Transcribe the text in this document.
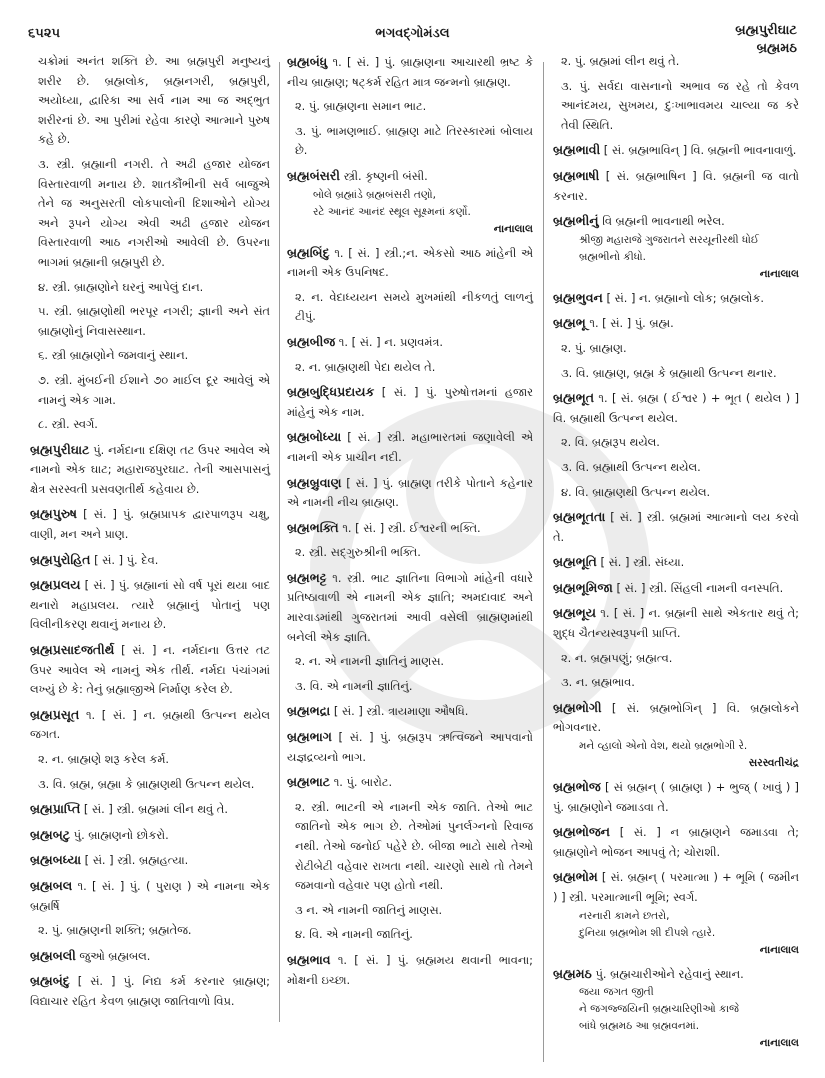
૬૫૨૫	ભગવદ્ગોમંડલ	બ્રહ્મપુરીઘાટ
બ્રહ્મમઠ
ચક્રોમાં અનંત શક્તિ છે. આ બ્રહ્મપુરી મનુષ્યનું શરીર છે. બ્રહ્મલોક, બ્રહ્મનગરી, બ્રહ્મપુરી, અયોધ્યા, દ્વારિકા આ સર્વ નામ આ જ અદ્ભુત શરીરનાં છે. આ પુરીમાં રહેવા કારણે આત્માને પુરુષ કહે છે.
૩. સ્ત્રી. બ્રહ્માની નગરી. તે અઢી હજાર યોજન વિસ્તારવાળી મનાય છે. શાતકૌંભીની સર્વ બાજુએ તેને જ અનુસરતી લોકપાલોની દિશાઓને યોગ્ય અને રૂપને યોગ્ય એવી અઢી હજાર યોજન વિસ્તારવાળી આઠ નગરીઓ આવેલી છે. ઉપરના ભાગમાં બ્રહ્માની બ્રહ્મપુરી છે.
૪. સ્ત્રી. બ્રાહ્મણોને ઘરનું આપેલું દાન.
૫. સ્ત્રી. બ્રાહ્મણોથી ભરપૂર નગરી; જ્ઞાની અને સંત બ્રાહ્મણોનું નિવાસસ્થાન.
૬. સ્ત્રી બ્રાહ્મણોને જમવાનું સ્થાન.
૭. સ્ત્રી. મુંબઈની ઈશાને ૭૦ માઈલ દૂર આવેલું એ નામનું એક ગામ.
૮. સ્ત્રી. સ્વર્ગ.
બ્રહ્મપુરીઘાટ પું. નર્મદાના દક્ષિણ તટ ઉપર આવેલ એ નામનો એક ઘાટ; મહારાજપુરઘાટ. તેની આસપાસનું ક્ષેત્ર સરસ્વતી પ્રસવણતીર્થ કહેવાય છે.
બ્રહ્મપુરુષ [ સં. ] પું. બ્રહ્મપ્રાપક દ્વારપાળરૂપ ચક્ષુ, વાણી, મન અને પ્રાણ.
બ્રહ્મપુરોહિત [ સં. ] પું. દેવ.
બ્રહ્મપ્રલય [ સં. ] પું. બ્રહ્માનાં સો વર્ષ પૂરાં થયા બાદ થનારો મહાપ્રલય. ત્યારે બ્રહ્માનું પોતાનું પણ વિલીનીકરણ થવાનું મનાય છે.
બ્રહ્મપ્રસાદજતીર્થ [ સં. ] ન. નર્મદાના ઉત્તર તટ ઉપર આવેલ એ નામનું એક તીર્થ. નર્મદા પંચાંગમાં લખ્યું છે કે: તેનું બ્રહ્માજીએ નિર્માણ કરેલ છે.
બ્રહ્મપ્રસૂત ૧. [ સં. ] ન. બ્રહ્મથી ઉત્પન્ન થયેલ જગત.
૨. ન. બ્રાહ્મણે શરૂ કરેલ કર્મ.
૩. વિ. બ્રહ્મ, બ્રહ્મા કે બ્રાહ્મણથી ઉત્પન્ન થયેલ.
બ્રહ્મપ્રાપ્તિ [ સં. ] સ્ત્રી. બ્રહ્મમાં લીન થવું તે.
બ્રહ્મબટુ પું. બ્રાહ્મણનો છોકરો.
બ્રહ્મબધ્યા [ સં. ] સ્ત્રી. બ્રહ્મહત્યા.
બ્રહ્મબલ ૧. [ સં. ] પું. ( પુરાણ ) એ નામના એક બ્રહ્મર્ષિ
૨. પું. બ્રાહ્મણની શક્તિ; બ્રહ્મતેજ.
બ્રહ્મબલી જુઓ બ્રહ્મબલ.
બ્રહ્મબંદુ [ સં. ] પું. નિદ્ય કર્મ કરનાર બ્રાહ્મણ; વિદ્યાચાર રહિત કેવળ બ્રાહ્મણ જાતિવાળો વિપ્ર.
બ્રહ્મબંધુ ૧. [ સં. ] પું. બ્રાહ્મણના આચારથી ભ્રષ્ટ કે નીચ બ્રાહ્મણ; ષટ્કર્મ રહિત માત્ર જન્મનો બ્રાહ્મણ.
૨. પું. બ્રાહ્મણના સમાન ભાટ.
૩. પું. ભામણભાઈ. બ્રાહ્મણ માટે તિરસ્કારમાં બોલાય છે.
બ્રહ્મબંસરી સ્ત્રી. કૃષ્ણની બંસી.
બોલે બ્રહ્માંડે બ્રહ્મબંસરી તણો,
રટે આનંદ આનંદ સ્થૂલ સૂક્ષ્મનાં કર્ણો.
નાનાલાલ
બ્રહ્મબિંદુ ૧. [ સં. ] સ્ત્રી.;ન. એકસો આઠ માંહેની એ નામની એક ઉપનિષદ.
૨. ન. વેદાધ્યયન સમયે મુખમાંથી નીકળતું લાળનું ટીપું.
બ્રહ્મબીજ ૧. [ સં. ] ન. પ્રણવમંત્ર.
૨. ન. બ્રાહ્મણથી પેદા થયેલ તે.
બ્રહ્મબુદ્ધિપ્રદાયક [ સં. ] પું. પુરુષોત્તમનાં હજાર માંહેનું એક નામ.
બ્રહ્મબોધ્યા [ સં. ] સ્ત્રી. મહાભારતમાં જણાવેલી એ નામની એક પ્રાચીન નદી.
બ્રહ્મબ્રુવાણ [ સં. ] પું. બ્રાહ્મણ તરીકે પોતાને કહેનાર એ નામની નીચ બ્રાહ્મણ.
બ્રહ્મભક્તિ ૧. [ સં. ] સ્ત્રી. ઈશ્વરની ભક્તિ.
૨. સ્ત્રી. સદ્ગુરુશ્રીની ભક્તિ.
બ્રહ્મભટ્ટ ૧. સ્ત્રી. ભાટ જ્ઞાતિના વિભાગો માંહેની વધારે પ્રતિષ્ઠાવાળી એ નામની એક જ્ઞાતિ; અમદાવાદ અને મારવાડમાંથી ગુજરાતમાં આવી વસેલી બ્રાહ્મણમાંથી બનેલી એક જ્ઞાતિ.
૨. ન. એ નામની જ્ઞાતિનું માણસ.
૩. વિ. એ નામની જ્ઞાતિનું.
બ્રહ્મભદ્રા [ સં. ] સ્ત્રી. ત્રાયમાણા ઔષધિ.
બ્રહ્મભાગ [ સં. ] પું. બ્રહ્મરૂપ ઋત્વિજને આપવાનો યજ્ઞદ્રવ્યનો ભાગ.
બ્રહ્મભાટ ૧. પું. બારોટ.
૨. સ્ત્રી. ભાટની એ નામની એક જાતિ. તેઓ ભાટ જાતિનો એક ભાગ છે. તેઓમાં પુનર્લગ્નનો રિવાજ નથી. તેઓ જનોઈ પહેરે છે. બીજા ભાટો સાથે તેઓ રોટીબેટી વહેવાર રાખતા નથી. ચારણો સાથે તો તેમને જમવાનો વહેવાર પણ હોતો નથી.
૩ ન. એ નામની જાતિનું માણસ.
૪. વિ. એ નામની જાતિનું.
બ્રહ્મભાવ ૧. [ સં. ] પું. બ્રહ્મમય થવાની ભાવના; મોક્ષની ઇચ્છા.
૨. પું. બ્રહ્મમાં લીન થવું તે.
૩. પું. સર્વદા વાસનાનો અભાવ જ રહે તો કેવળ આનંદમય, સુખમય, દુઃખાભાવમય ચાલ્યા જ કરે તેવી સ્થિતિ.
બ્રહ્મભાવી [ સં. બ્રહ્મભાવિન્ ] વિ. બ્રહ્મની ભાવનાવાળું.
બ્રહ્મભાષી [ સં. બ્રહ્મભાષિન ] વિ. બ્રહ્મની જ વાતો કરનાર.
બ્રહ્મભીનું વિ બ્રહ્મની ભાવનાથી ભરેલ.
શ્રીજી મહારાજે ગુજરાતને સરયૂનીરથી ધોઈ
બ્રહ્મભીનો કીધો.
નાનાલાલ
બ્રહ્મભુવન [ સં. ] ન. બ્રહ્માનો લોક; બ્રહ્મલોક.
બ્રહ્મભૂ ૧. [ સં. ] પું. બ્રહ્મ.
૨. પું. બ્રાહ્મણ.
૩. વિ. બ્રાહ્મણ, બ્રહ્મ કે બ્રહ્માથી ઉત્પન્ન થનાર.
બ્રહ્મભૂત ૧. [ સં. બ્રહ્મ ( ઈશ્વર ) + ભૂત ( થયેલ ) ] વિ. બ્રહ્માથી ઉત્પન્ન થયેલ.
૨. વિ. બ્રહ્મરૂપ થયેલ.
૩. વિ. બ્રહ્માથી ઉત્પન્ન થયેલ.
૪. વિ. બ્રાહ્મણથી ઉત્પન્ન થયેલ.
બ્રહ્મભૂતતા [ સં. ] સ્ત્રી. બ્રહ્મમાં આત્માનો લય કરવો તે.
બ્રહ્મભૂતિ [ સં. ] સ્ત્રી. સંધ્યા.
બ્રહ્મભૂમિજા [ સં. ] સ્ત્રી. સિંહલી નામની વનસ્પતિ.
બ્રહ્મભૂય ૧. [ સં. ] ન. બ્રહ્મની સાથે એકતાર થવું તે; શુદ્ધ ચૈતન્યસ્વરૂપની પ્રાપ્તિ.
૨. ન. બ્રહ્મપણું; બ્રહ્મત્વ.
૩. ન. બ્રહ્મભાવ.
બ્રહ્મભોગી [ સં. બ્રહ્મભોગિન્ ] વિ. બ્રહ્મલોકને ભોગવનાર.
મને વ્હાલો એનો વેશ, થયો બ્રહ્મભોગી રે.
સરસ્વતીચંદ્ર
બ્રહ્મભોજ [ સં બ્રહ્મન્ ( બ્રાહ્મણ ) + ભુજ્ ( ખાવું ) ] પું. બ્રાહ્મણોને જમાડવા તે.
બ્રહ્મભોજન [ સં. ] ન બ્રાહ્મણને જમાડવા તે; બ્રાહ્મણોને ભોજન આપવું તે; ચોરાશી.
બ્રહ્મભોમ [ સં. બ્રહ્મન્ ( પરમાત્મા ) + ભૂમિ ( જમીન ) ] સ્ત્રી. પરમાત્માની ભૂમિ; સ્વર્ગ.
નરનારી કામને છતરો,
દુનિયા બ્રહ્મભોમ શી દીપશે ત્હારે.
નાનાલાલ
બ્રહ્મમઠ પું. બ્રહ્મચારીઓને રહેવાનું સ્થાન.
જયા જગત જીતી
ને જગજ્જયિની બ્રહ્મચારિણીઓ કાજે
બાંધે બ્રહ્મમઠ આ બ્રહ્મવનમાં.
નાનાલાલ
